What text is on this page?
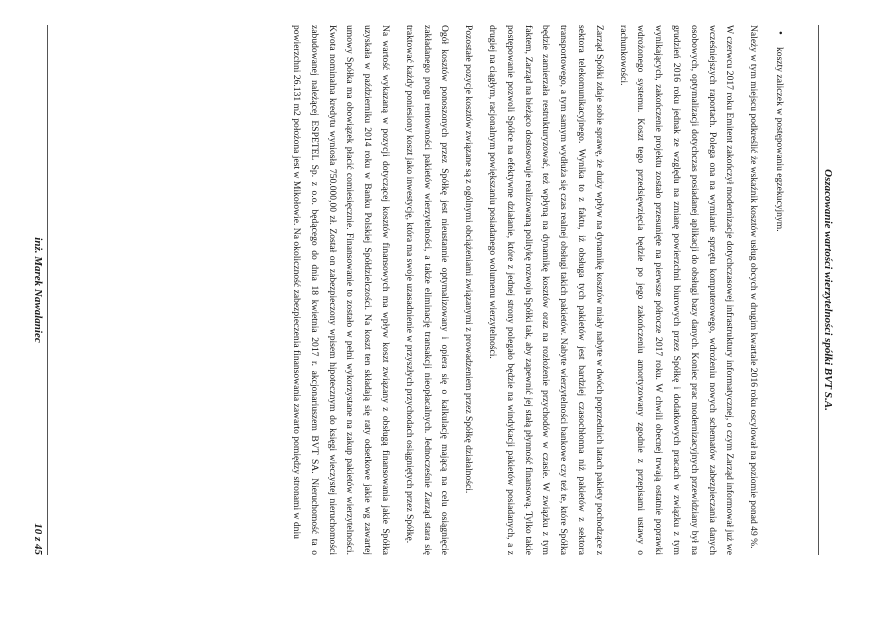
Oszacowanie wartości wierzytelności spółki BVT S.A.
• koszty zaliczek w postępowaniu egzekucyjnym.

Należy w tym miejscu podkreślić że wskaźnik kosztów usług obcych w drugim kwartale 2016 roku oscylował na poziomie ponad 49 %.

W czerwcu 2017 roku Emitent zakończył modernizacje dotychczasowej infrastruktury informatycznej, o czym Zarząd informował już we wcześniejszych raportach. Polega ona na wymianie sprzętu komputerowego, wdrożeniu nowych schematów zabezpieczania danych osobowych, optymalizacji dotychczas posiadanej aplikacji do obsługi bazy danych. Koniec prac modernizacyjnych przewidziany był na grudzień 2016 roku jednak ze względu na zmianę powierzchni biurowych przez Spółkę i dodatkowych pracach w związku z tym wynikających, zakończenie projektu zostało przesunięte na pierwsze półrocze 2017 roku. W chwili obecnej trwają ostatnie poprawki wdrożonego systemu. Koszt tego przedsięwzięcia będzie po jego zakończeniu amortyzowany zgodnie z przepisami ustawy o rachunkowości.

Zarząd Spółki zdaje sobie sprawę, że duży wpływ na dynamikę kosztów miały nabyte w dwóch poprzednich latach pakiety pochodzące z sektora telekomunikacyjnego. Wynika to z faktu, iż obsługa tych pakietów jest bardziej czasochłonna niż pakietów z sektora transportowego, a tym samym wydłuża się czas realnej obsługi takich pakietów. Nabyte wierzytelności bankowe czy też te, które Spółka będzie zamierzała restrukturyzować, też wpłyną na dynamikę kosztów oraz na rozłożenie przychodów w czasie. W związku z tym faktem, Zarząd na bieżąco dostosowuje realizowaną politykę rozwoju Spółki tak, aby zapewnić jej stałą płynność finansową. Tylko takie postępowanie pozwoli Spółce na efektywne działanie, które z jednej strony polegało będzie na windykacji pakietów posiadanych, a z drugiej na ciągłym, racjonalnym powiększaniu posiadanego wolumenu wierzytelności.

Pozostałe pozycje kosztów związane są z ogólnymi obciążeniami związanymi z prowadzeniem przez Spółkę działalności.

Ogół kosztów ponoszonych przez Spółkę jest nieustannie optymalizowany i opiera się o kalkulację mającą na celu osiągnięcie zakładanego progu rentowności pakietów wierzytelności, a także eliminację transakcji nieopłacalnych. Jednocześnie Zarząd stara się traktować każdy poniesiony koszt jako inwestycję, która ma swoje uzasadnienie w przyszłych przychodach osiągniętych przez Spółkę.

Na wartość wykazaną w pozycji dotyczącej kosztów finansowych ma wpływ koszt związany z obsługą finansowania jakie Spółka uzyskała w październiku 2014 roku w Banku Polskiej Spółdzielczości. Na koszt ten składają się raty odsetkowe jakie wg zawartej umowy Spółka ma obowiązek płacić comiesięcznie. Finansowanie to zostało w pełni wykorzystane na zakup pakietów wierzytelności. Kwota nominalna kredytu wyniosła 750.000,00 zł. Został on zabezpieczony wpisem hipotecznym do księgi wieczystej nieruchomości zabudowanej należącej ESPETEL Sp. z o.o. będącego do dnia 18 kwietnia 2017 r. akcjonariuszem BVT SA. Nieruchomość ta o powierzchni 26.131 m2 położona jest w Mikołowie. Na okoliczność zabezpieczenia finansowania zawarto pomiędzy stronami w dniu

inż. Marek Nawalaniec
10 z 45
